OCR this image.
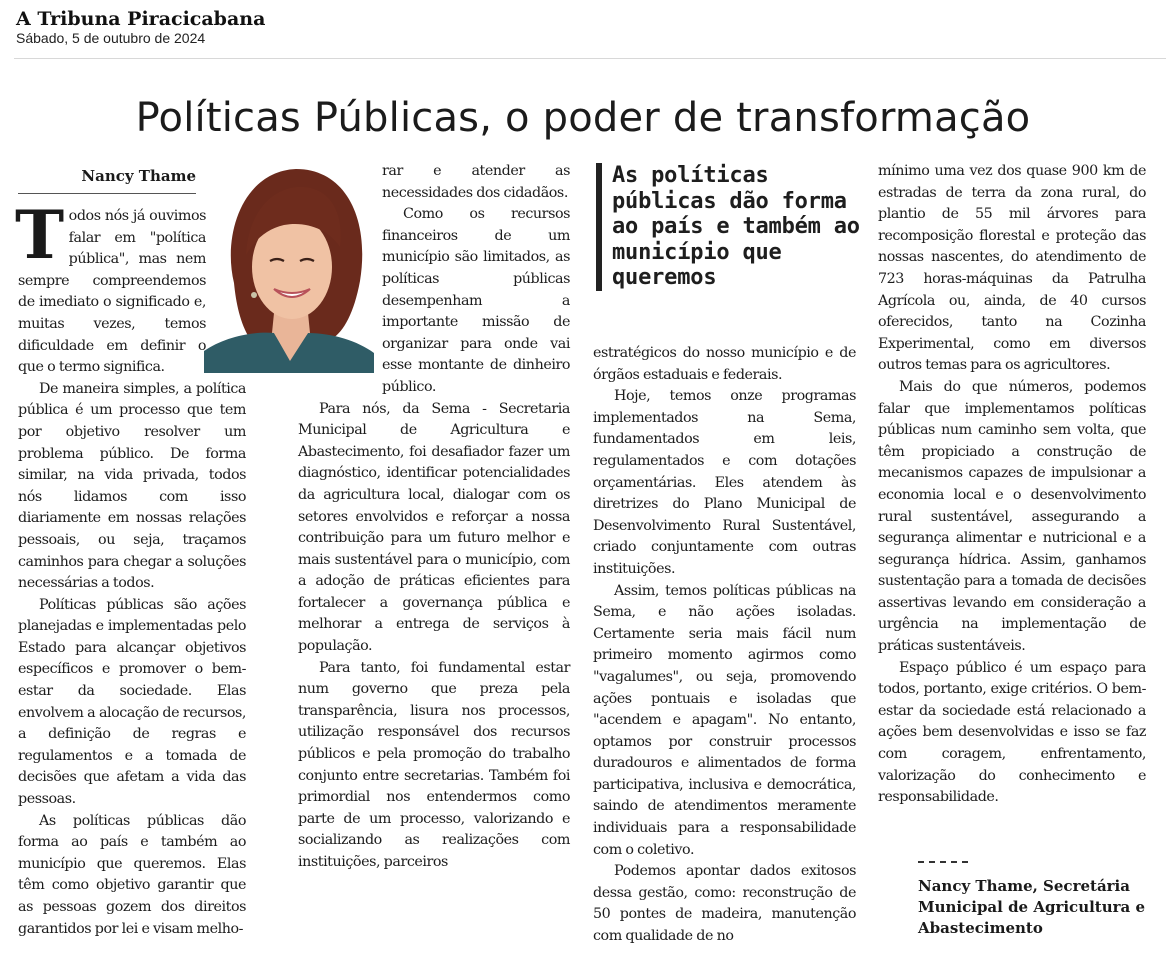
A Tribuna Piracicabana
Sábado, 5 de outubro de 2024
Políticas Públicas, o poder de transformação
Nancy Thame

Todos nós já ouvimos falar em "política pública", mas nem sempre compreendemos de imediato o significado e, muitas vezes, temos dificuldade em definir o que o termo significa.

De maneira simples, a política pública é um processo que tem por objetivo resolver um problema público. De forma similar, na vida privada, todos nós lidamos com isso diariamente em nossas relações pessoais, ou seja, traçamos caminhos para chegar a soluções necessárias a todos.

Políticas públicas são ações planejadas e implementadas pelo Estado para alcançar objetivos específicos e promover o bem-estar da sociedade. Elas envolvem a alocação de recursos, a definição de regras e regulamentos e a tomada de decisões que afetam a vida das pessoas.

As políticas públicas dão forma ao país e também ao município que queremos. Elas têm como objetivo garantir que as pessoas gozem dos direitos garantidos por lei e visam melho-

rar e atender as necessidades dos cidadãos.

Como os recursos financeiros de um município são limitados, as políticas públicas desempenham a importante missão de organizar para onde vai esse montante de dinheiro público.

Para nós, da Sema - Secretaria Municipal de Agricultura e Abastecimento, foi desafiador fazer um diagnóstico, identificar potencialidades da agricultura local, dialogar com os setores envolvidos e reforçar a nossa contribuição para um futuro melhor e mais sustentável para o município, com a adoção de práticas eficientes para fortalecer a governança pública e melhorar a entrega de serviços à população.

Para tanto, foi fundamental estar num governo que preza pela transparência, lisura nos processos, utilização responsável dos recursos públicos e pela promoção do trabalho conjunto entre secretarias. Também foi primordial nos entendermos como parte de um processo, valorizando e socializando as realizações com instituições, parceiros

As políticas públicas dão forma ao país e também ao município que queremos

estratégicos do nosso município e de órgãos estaduais e federais.

Hoje, temos onze programas implementados na Sema, fundamentados em leis, regulamentados e com dotações orçamentárias. Eles atendem às diretrizes do Plano Municipal de Desenvolvimento Rural Sustentável, criado conjuntamente com outras instituições.

Assim, temos políticas públicas na Sema, e não ações isoladas. Certamente seria mais fácil num primeiro momento agirmos como "vagalumes", ou seja, promovendo ações pontuais e isoladas que "acendem e apagam". No entanto, optamos por construir processos duradouros e alimentados de forma participativa, inclusiva e democrática, saindo de atendimentos meramente individuais para a responsabilidade com o coletivo.

Podemos apontar dados exitosos dessa gestão, como: reconstrução de 50 pontes de madeira, manutenção com qualidade de no

mínimo uma vez dos quase 900 km de estradas de terra da zona rural, do plantio de 55 mil árvores para recomposição florestal e proteção das nossas nascentes, do atendimento de 723 horas-máquinas da Patrulha Agrícola ou, ainda, de 40 cursos oferecidos, tanto na Cozinha Experimental, como em diversos outros temas para os agricultores.

Mais do que números, podemos falar que implementamos políticas públicas num caminho sem volta, que têm propiciado a construção de mecanismos capazes de impulsionar a economia local e o desenvolvimento rural sustentável, assegurando a segurança alimentar e nutricional e a segurança hídrica. Assim, ganhamos sustentação para a tomada de decisões assertivas levando em consideração a urgência na implementação de práticas sustentáveis.

Espaço público é um espaço para todos, portanto, exige critérios. O bem-estar da sociedade está relacionado a ações bem desenvolvidas e isso se faz com coragem, enfrentamento, valorização do conhecimento e responsabilidade.

Nancy Thame, Secretária Municipal de Agricultura e Abastecimento
